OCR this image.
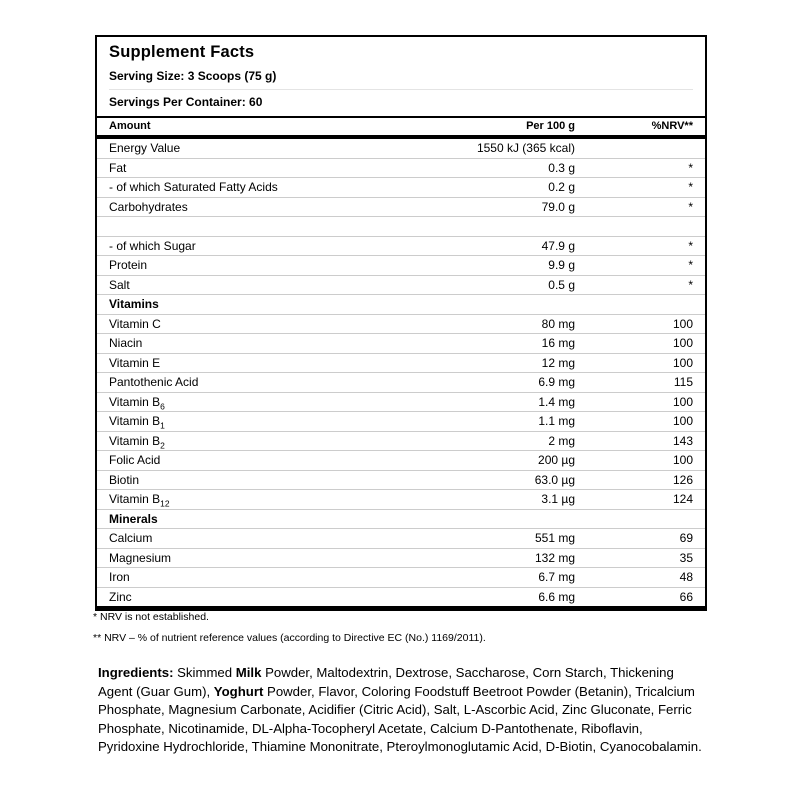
Supplement Facts
Serving Size: 3 Scoops (75 g)
Servings Per Container: 60
Amount	Per 100 g	%NRV**
Energy Value	1550 kJ (365 kcal)
Fat	0.3 g	*
- of which Saturated Fatty Acids	0.2 g	*
Carbohydrates	79.0 g	*
- of which Sugar	47.9 g	*
Protein	9.9 g	*
Salt	0.5 g	*
Vitamins
Vitamin C	80 mg	100
Niacin	16 mg	100
Vitamin E	12 mg	100
Pantothenic Acid	6.9 mg	115
Vitamin $B_6$	1.4 mg	100
Vitamin $B_1$	1.1 mg	100
Vitamin $B_2$	2 mg	143
Folic Acid	200 µg	100
Biotin	63.0 µg	126
Vitamin $B_{12}$	3.1 µg	124
Minerals
Calcium	551 mg	69
Magnesium	132 mg	35
Iron	6.7 mg	48
Zinc	6.6 mg	66

* NRV is not established.

** NRV – % of nutrient reference values (according to Directive EC (No.) 1169/2011).

Ingredients: Skimmed Milk Powder, Maltodextrin, Dextrose, Saccharose, Corn Starch, Thickening Agent (Guar Gum), Yoghurt Powder, Flavor, Coloring Foodstuff Beetroot Powder (Betanin), Tricalcium Phosphate, Magnesium Carbonate, Acidifier (Citric Acid), Salt, L-Ascorbic Acid, Zinc Gluconate, Ferric Phosphate, Nicotinamide, DL-Alpha-Tocopheryl Acetate, Calcium D-Pantothenate, Riboflavin, Pyridoxine Hydrochloride, Thiamine Mononitrate, Pteroylmonoglutamic Acid, D-Biotin, Cyanocobalamin.
